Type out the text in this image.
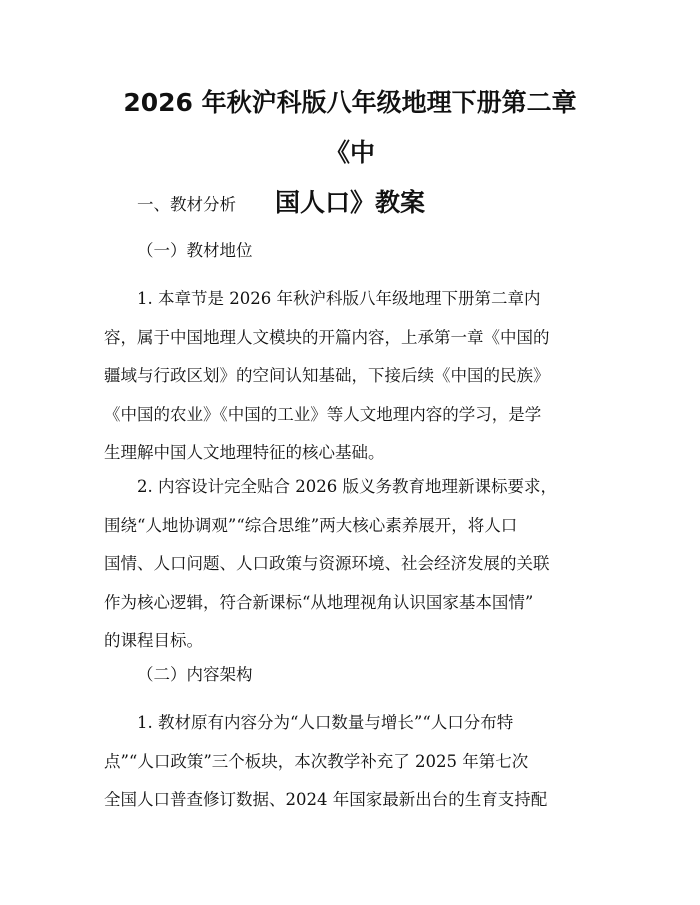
2026 年秋沪科版八年级地理下册第二章《中
国人口》教案

一、教材分析

（一）教材地位

1. 本章节是 2026 年秋沪科版八年级地理下册第二章内
容，属于中国地理人文模块的开篇内容，上承第一章《中国的
疆域与行政区划》的空间认知基础，下接后续《中国的民族》
《中国的农业》《中国的工业》等人文地理内容的学习，是学
生理解中国人文地理特征的核心基础。

2. 内容设计完全贴合 2026 版义务教育地理新课标要求，
围绕“人地协调观”“综合思维”两大核心素养展开，将人口
国情、人口问题、人口政策与资源环境、社会经济发展的关联
作为核心逻辑，符合新课标“从地理视角认识国家基本国情”
的课程目标。

（二）内容架构

1. 教材原有内容分为“人口数量与增长”“人口分布特
点”“人口政策”三个板块，本次教学补充了 2025 年第七次
全国人口普查修订数据、2024 年国家最新出台的生育支持配
